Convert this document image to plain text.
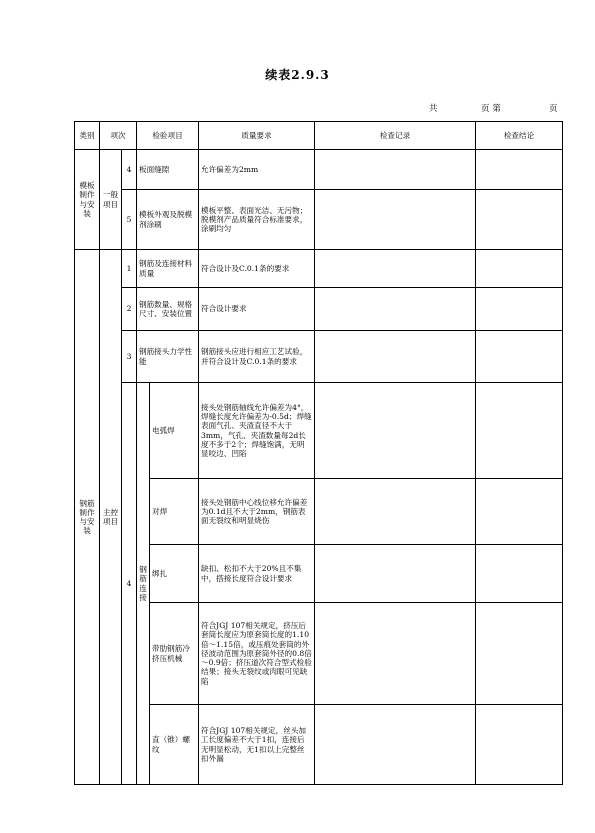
续表2.9.3
共	页 第	页
类别	项次		检验项目		质量要求	检查记录	检查结论
模板制作与安装	一般项目	4	板面缝隙		允许偏差为2mm		
		5	模板外观及脱模剂涂刷		模板平整、表面光洁、无污物；脱模剂产品质量符合标准要求，涂刷均匀		
钢筋制作与安装	主控项目	1	钢筋及连接材料质量		符合设计及C.0.1条的要求		
		2	钢筋数量、规格尺寸、安装位置		符合设计要求		
		3	钢筋接头力学性能		钢筋接头应进行相应工艺试验，并符合设计及C.0.1条的要求		
		4	钢筋连接	电弧焊	接头处钢筋轴线允许偏差为4°，焊缝长度允许偏差为-0.5d；焊缝表面气孔、夹渣直径不大于3mm，气孔、夹渣数量每2d长度不多于2个；焊缝饱满，无明显咬边、凹陷		
				对焊	接头处钢筋中心线位移允许偏差为0.1d且不大于2mm，钢筋表面无裂纹和明显烧伤		
				绑扎	缺扣、松扣不大于20%且不集中，搭接长度符合设计要求		
				带肋钢筋冷挤压机械	符合JGJ 107相关规定，挤压后套筒长度应为原套筒长度的1.10倍～1.15倍，或压痕处套筒的外径波动范围为原套筒外径的0.8倍～0.9倍；挤压道次符合型式检验结果；接头无裂纹或肉眼可见缺陷		
				直（锥）螺纹	符合JGJ 107相关规定，丝头加工长度偏差不大于1扣，连接后无明显松动，无1扣以上完整丝扣外漏		
